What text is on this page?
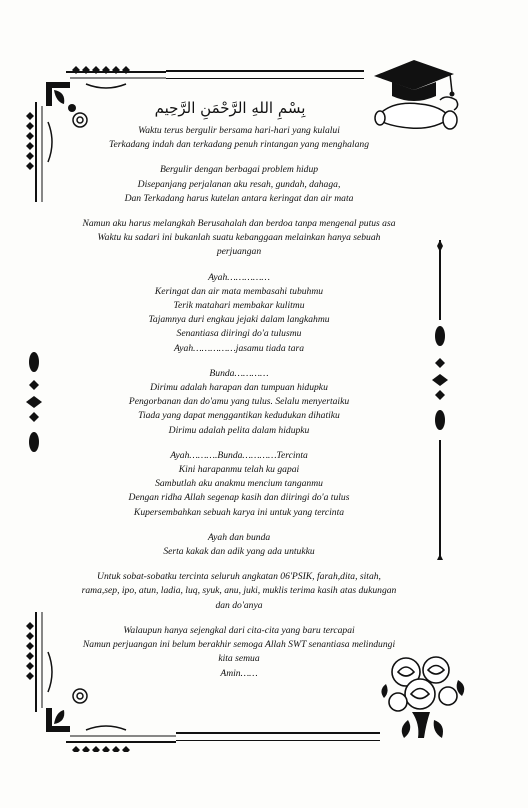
بِسْمِ اللهِ الرَّحْمَنِ الرَّحِيم

Waktu terus bergulir bersama hari-hari yang kulalui

Terkadang indah dan terkadang penuh rintangan yang menghalang

Bergulir dengan berbagai problem hidup

Disepanjang perjalanan aku resah, gundah, dahaga,

Dan Terkadang harus kutelan antara keringat dan air mata

Namun aku harus melangkah Berusahalah dan berdoa tanpa mengenal putus asa

Waktu ku sadari ini bukanlah suatu kebanggaan melainkan hanya sebuah

perjuangan

Ayah……………

Keringat dan air mata membasahi tubuhmu

Terik matahari membakar kulitmu

Tajamnya duri engkau jejaki dalam langkahmu

Senantiasa diiringi do'a tulusmu

Ayah……………jasamu tiada tara

Bunda…………

Dirimu adalah harapan dan tumpuan hidupku

Pengorbanan dan do'amu yang tulus. Selalu menyertaiku

Tiada yang dapat menggantikan kedudukan dihatiku

Dirimu adalah pelita dalam hidupku

Ayah……….Bunda…………Tercinta

Kini harapanmu telah ku gapai

Sambutlah aku anakmu mencium tanganmu

Dengan ridha Allah segenap kasih dan diiringi do'a tulus

Kupersembahkan sebuah karya ini untuk yang tercinta

Ayah dan bunda

Serta kakak dan adik yang ada untukku

Untuk sobat-sobatku tercinta seluruh angkatan 06'PSIK, farah,dita, sitah,

rama,sep, ipo, atun, ladia, luq, syuk, anu, juki, muklis terima kasih atas dukungan

dan do'anya

Walaupun hanya sejengkal dari cita-cita yang baru tercapai

Namun perjuangan ini belum berakhir semoga Allah SWT senantiasa melindungi

kita semua

Amin……
